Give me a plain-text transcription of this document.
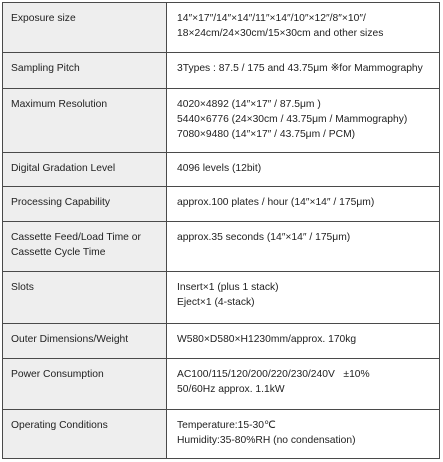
Exposure size	14″×17″/14″×14″/11″×14″/10″×12″/8″×10″/
18×24cm/24×30cm/15×30cm and other sizes

Sampling Pitch	3Types : 87.5 / 175 and 43.75μm ※for Mammography

Maximum Resolution	4020×4892 (14″×17″ / 87.5μm )
5440×6776 (24×30cm / 43.75μm / Mammography)
7080×9480 (14″×17″ / 43.75μm / PCM)

Digital Gradation Level	4096 levels (12bit)

Processing Capability	approx.100 plates / hour (14″×14″ / 175μm)

Cassette Feed/Load Time or
Cassette Cycle Time	approx.35 seconds (14″×14″ / 175μm)

Slots	Insert×1 (plus 1 stack)
Eject×1 (4-stack)

Outer Dimensions/Weight	W580×D580×H1230mm/approx. 170kg

Power Consumption	AC100/115/120/200/220/230/240V   ±10%
50/60Hz approx. 1.1kW

Operating Conditions	Temperature:15-30℃
Humidity:35-80%RH (no condensation)
